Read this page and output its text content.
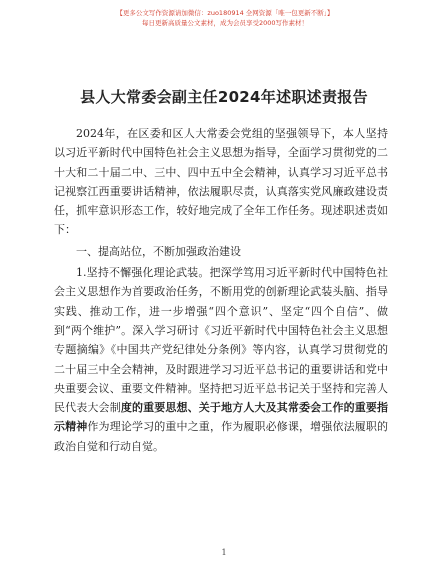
【更多公文写作资源请加微信：zuo180914 全网资源「唯一包更新不断」】
每日更新高质量公文素材，成为会员享受2000写作素材！
县人大常委会副主任2024年述职述责报告

2024年，在区委和区人大常委会党组的坚强领导下，本人坚持以习近平新时代中国特色社会主义思想为指导，全面学习贯彻党的二十大和二十届二中、三中、四中五中全会精神，认真学习习近平总书记视察江西重要讲话精神，依法履职尽责，认真落实党风廉政建设责任，抓牢意识形态工作，较好地完成了全年工作任务。现述职述责如下：

一、提高站位，不断加强政治建设

1.坚持不懈强化理论武装。把深学笃用习近平新时代中国特色社会主义思想作为首要政治任务，不断用党的创新理论武装头脑、指导实践、推动工作，进一步增强“四个意识”、坚定“四个自信”、做到“两个维护”。深入学习研讨《习近平新时代中国特色社会主义思想专题摘编》《中国共产党纪律处分条例》等内容，认真学习贯彻党的二十届三中全会精神，及时跟进学习习近平总书记的重要讲话和党中央重要会议、重要文件精神。坚持把习近平总书记关于坚持和完善人民代表大会制度的重要思想、关于地方人大及其常委会工作的重要指示精神作为理论学习的重中之重，作为履职必修课，增强依法履职的政治自觉和行动自觉。

1
